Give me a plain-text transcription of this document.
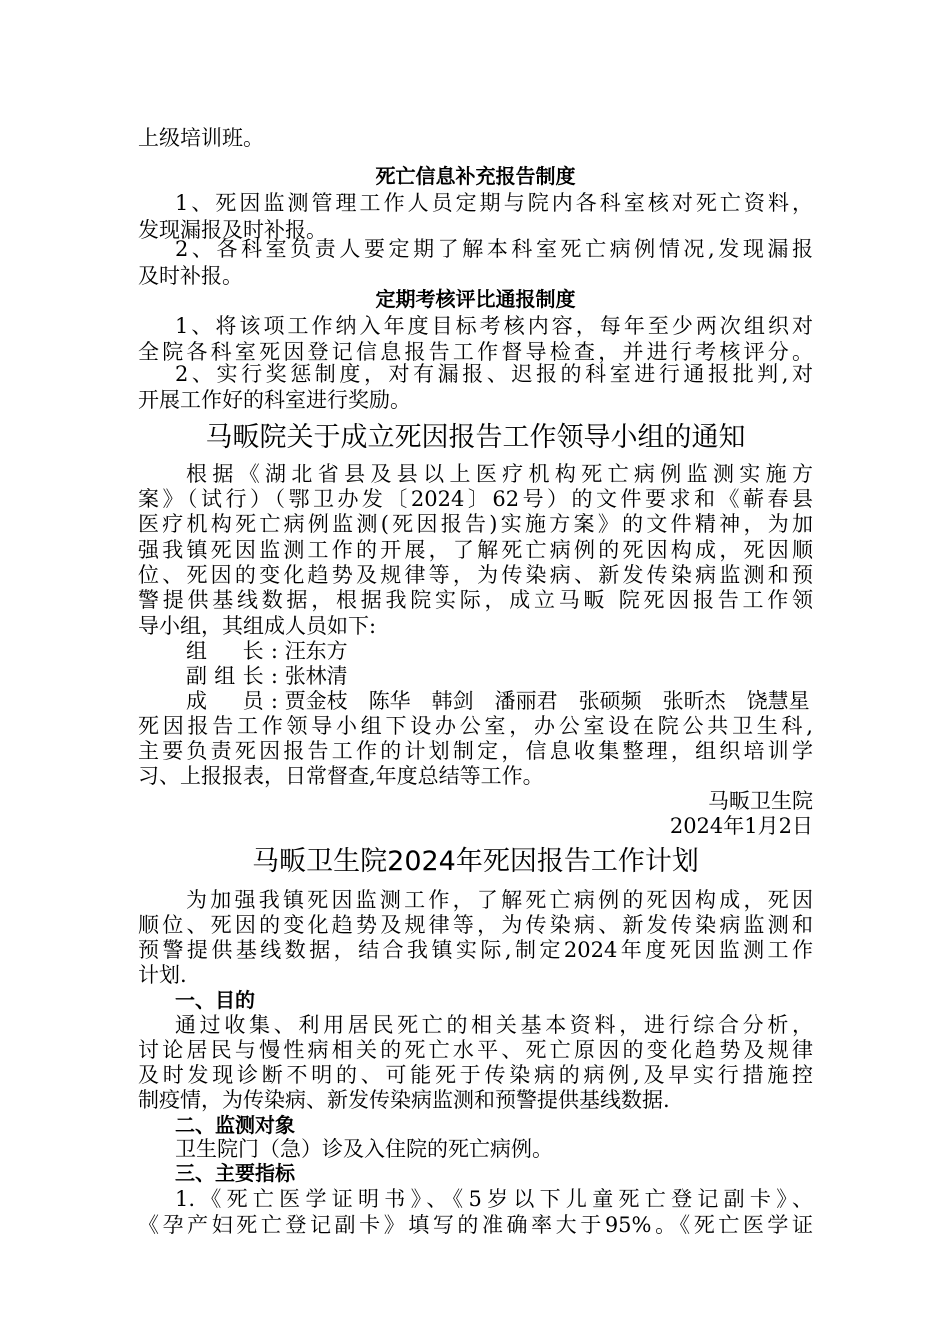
上级培训班。
死亡信息补充报告制度
1、死因监测管理工作人员定期与院内各科室核对死亡资料，
发现漏报及时补报。
2、各科室负责人要定期了解本科室死亡病例情况,发现漏报
及时补报。
定期考核评比通报制度
1、将该项工作纳入年度目标考核内容，每年至少两次组织对
全院各科室死因登记信息报告工作督导检查，并进行考核评分。
2、实行奖惩制度，对有漏报、迟报的科室进行通报批判,对
开展工作好的科室进行奖励。
马畈院关于成立死因报告工作领导小组的通知
根据《湖北省县及县以上医疗机构死亡病例监测实施方
案》（试行）（鄂卫办发〔2024〕62号）的文件要求和《蕲春县
医疗机构死亡病例监测(死因报告)实施方案》的文件精神，为加
强我镇死因监测工作的开展，了解死亡病例的死因构成，死因顺
位、死因的变化趋势及规律等，为传染病、新发传染病监测和预
警提供基线数据，根据我院实际，成立马畈 院死因报告工作领
导小组，其组成人员如下:
组　长: 汪东方
副组长: 张林清
成　员: 贾金枝　陈华　韩剑　潘丽君　张硕频　张昕杰　饶慧星
死因报告工作领导小组下设办公室，办公室设在院公共卫生科,
主要负责死因报告工作的计划制定，信息收集整理，组织培训学
习、上报报表，日常督查,年度总结等工作。
马畈卫生院
2024年1月2日
马畈卫生院2024年死因报告工作计划
为加强我镇死因监测工作，了解死亡病例的死因构成，死因
顺位、死因的变化趋势及规律等，为传染病、新发传染病监测和
预警提供基线数据，结合我镇实际,制定2024年度死因监测工作
计划.
一、目的
通过收集、利用居民死亡的相关基本资料，进行综合分析，
讨论居民与慢性病相关的死亡水平、死亡原因的变化趋势及规律
及时发现诊断不明的、可能死于传染病的病例,及早实行措施控
制疫情，为传染病、新发传染病监测和预警提供基线数据.
二、监测对象
卫生院门（急）诊及入住院的死亡病例。
三、主要指标
1.《死亡医学证明书》、《5岁以下儿童死亡登记副卡》、
《孕产妇死亡登记副卡》填写的准确率大于95%。《死亡医学证
